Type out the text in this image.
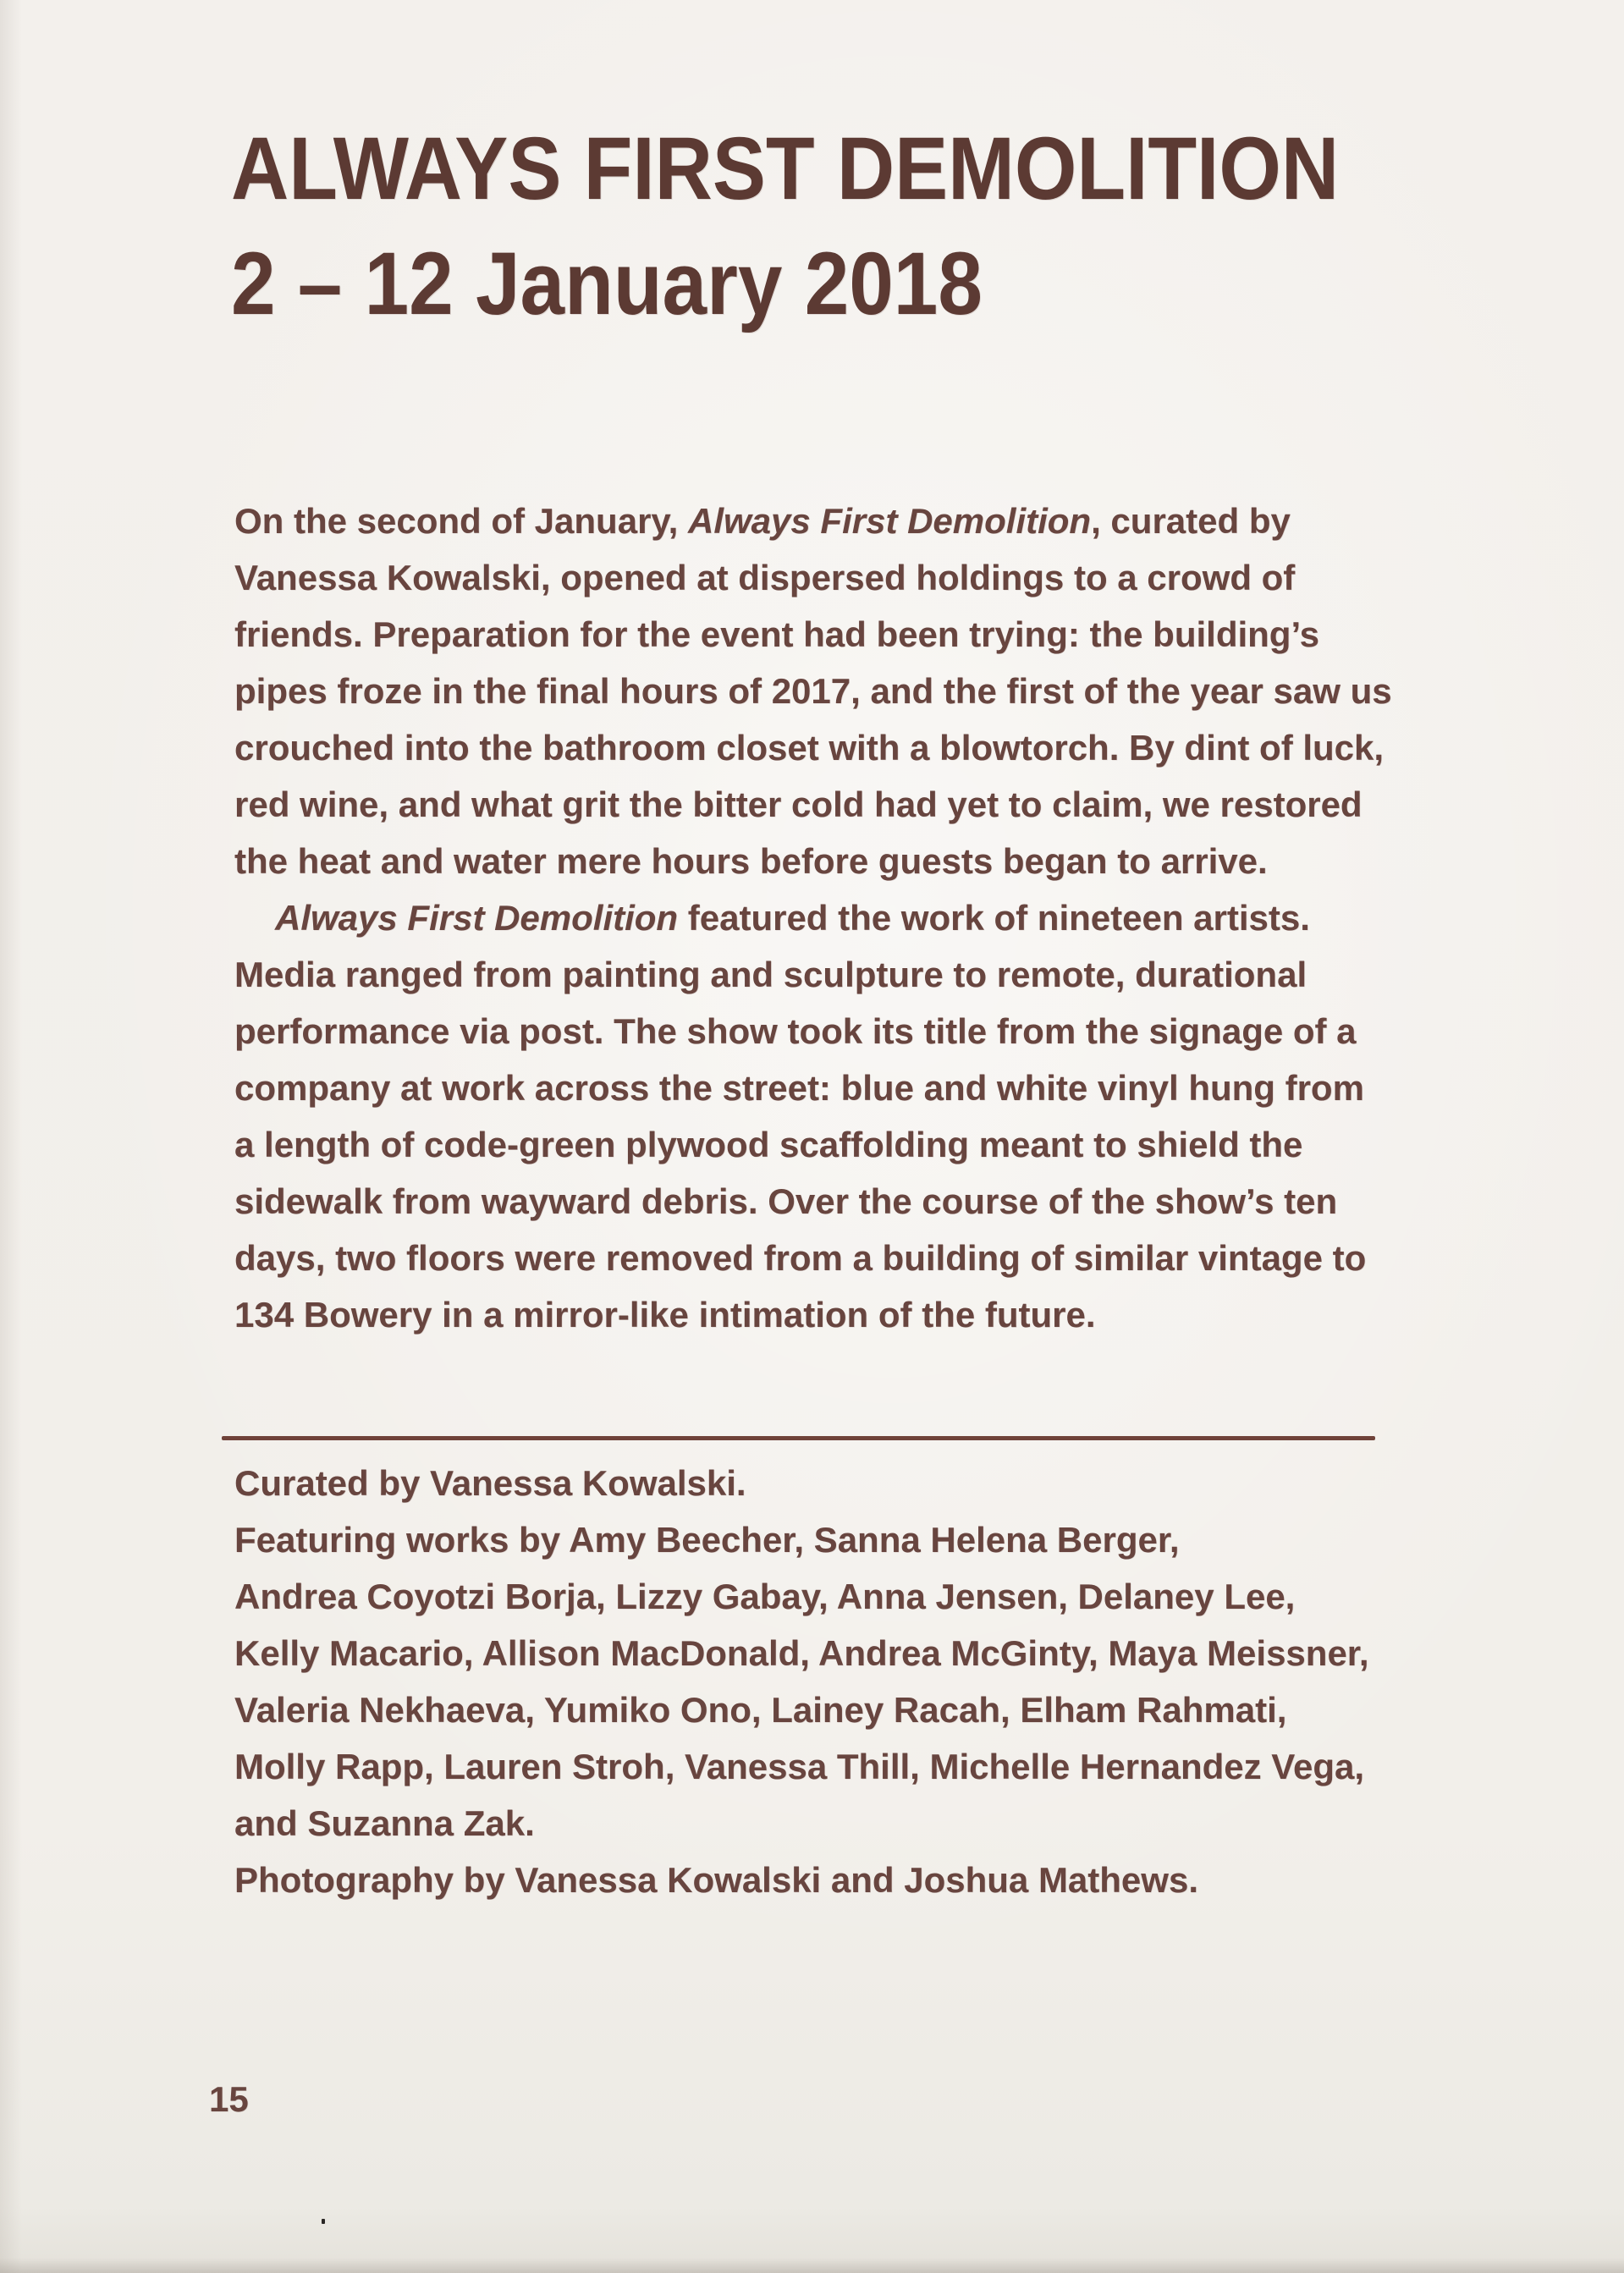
ALWAYS FIRST DEMOLITION
2 – 12 January 2018
On the second of January, Always First Demolition, curated by
Vanessa Kowalski, opened at dispersed holdings to a crowd of
friends. Preparation for the event had been trying: the building’s
pipes froze in the final hours of 2017, and the first of the year saw us
crouched into the bathroom closet with a blowtorch. By dint of luck,
red wine, and what grit the bitter cold had yet to claim, we restored
the heat and water mere hours before guests began to arrive.
Always First Demolition featured the work of nineteen artists.
Media ranged from painting and sculpture to remote, durational
performance via post. The show took its title from the signage of a
company at work across the street: blue and white vinyl hung from
a length of code-green plywood scaffolding meant to shield the
sidewalk from wayward debris. Over the course of the show’s ten
days, two floors were removed from a building of similar vintage to
134 Bowery in a mirror-like intimation of the future.
Curated by Vanessa Kowalski.
Featuring works by Amy Beecher, Sanna Helena Berger,
Andrea Coyotzi Borja, Lizzy Gabay, Anna Jensen, Delaney Lee,
Kelly Macario, Allison MacDonald, Andrea McGinty, Maya Meissner,
Valeria Nekhaeva, Yumiko Ono, Lainey Racah, Elham Rahmati,
Molly Rapp, Lauren Stroh, Vanessa Thill, Michelle Hernandez Vega,
and Suzanna Zak.
Photography by Vanessa Kowalski and Joshua Mathews.
15
